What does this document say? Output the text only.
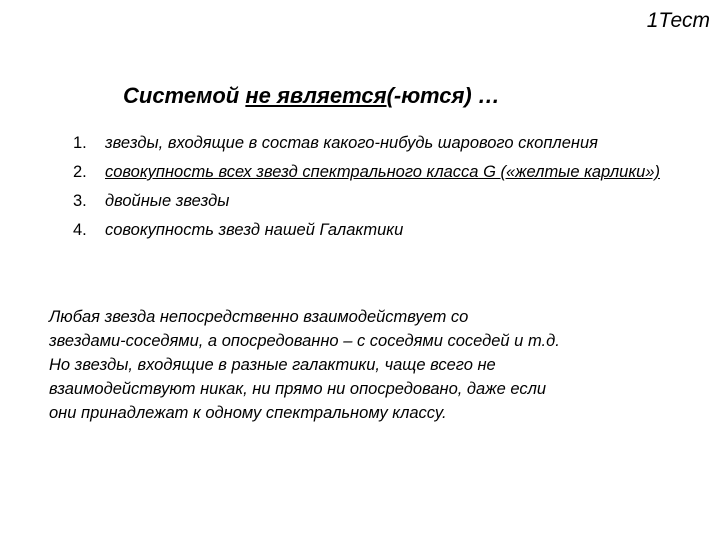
1Тест
Системой не является(-ются) …
1.	звезды, входящие в состав какого-нибудь шарового скопления
2.	совокупность всех звезд спектрального класса G («желтые карлики»)
3.	двойные звезды
4.	совокупность звезд нашей Галактики

Любая звезда непосредственно взаимодействует со
звездами-соседями, а опосредованно – с соседями соседей и т.д.
Но звезды, входящие в разные галактики, чаще всего не
взаимодействуют никак, ни прямо ни опосредовано, даже если
они принадлежат к одному спектральному классу.
